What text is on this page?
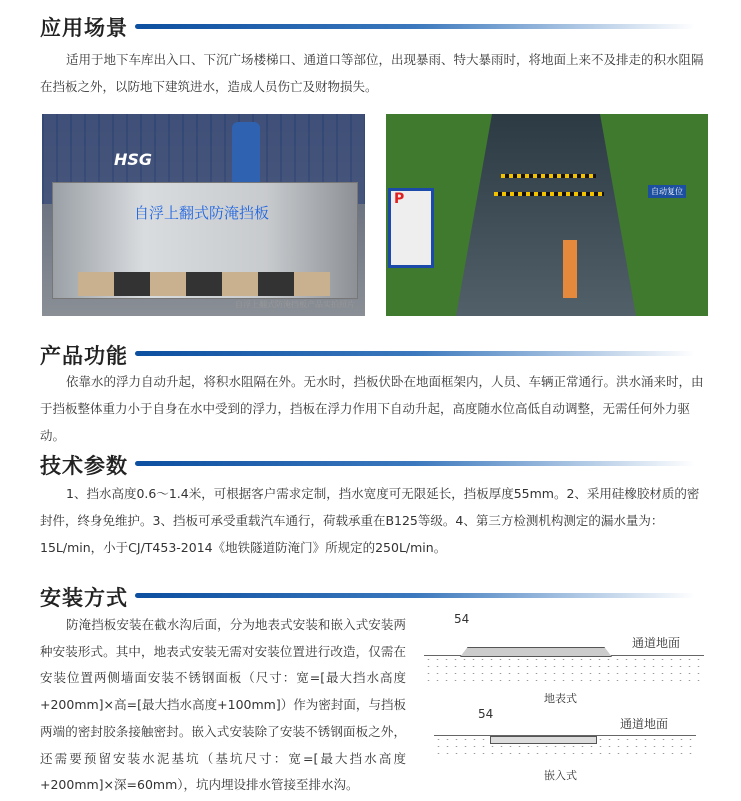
应用场景
适用于地下车库出入口、下沉广场楼梯口、通道口等部位，出现暴雨、特大暴雨时，将地面上来不及排走的积水阻隔在挡板之外，以防地下建筑进水，造成人员伤亡及财物损失。
HSG
自浮上翻式防淹挡板
自浮上翻式防淹挡板产品实拍照片
P	自动复位
产品功能
依靠水的浮力自动升起，将积水阻隔在外。无水时，挡板伏卧在地面框架内，人员、车辆正常通行。洪水涌来时，由于挡板整体重力小于自身在水中受到的浮力，挡板在浮力作用下自动升起，高度随水位高低自动调整，无需任何外力驱动。
技术参数
1、挡水高度0.6～1.4米，可根据客户需求定制，挡水宽度可无限延长，挡板厚度55mm。2、采用硅橡胶材质的密封件，终身免维护。3、挡板可承受重载汽车通行，荷载承重在B125等级。4、第三方检测机构测定的漏水量为：15L/min，小于CJ/T453-2014《地铁隧道防淹门》所规定的250L/min。
安装方式
防淹挡板安装在截水沟后面，分为地表式安装和嵌入式安装两种安装形式。其中，地表式安装无需对安装位置进行改造，仅需在安装位置两侧墙面安装不锈钢面板（尺寸：宽=[最大挡水高度+200mm]×高=[最大挡水高度+100mm]）作为密封面，与挡板两端的密封胶条接触密封。嵌入式安装除了安装不锈钢面板之外，还需要预留安装水泥基坑（基坑尺寸：宽=[最大挡水高度+200mm]×深=60mm），坑内埋设排水管接至排水沟。
54
通道地面
地表式
54
通道地面
嵌入式
